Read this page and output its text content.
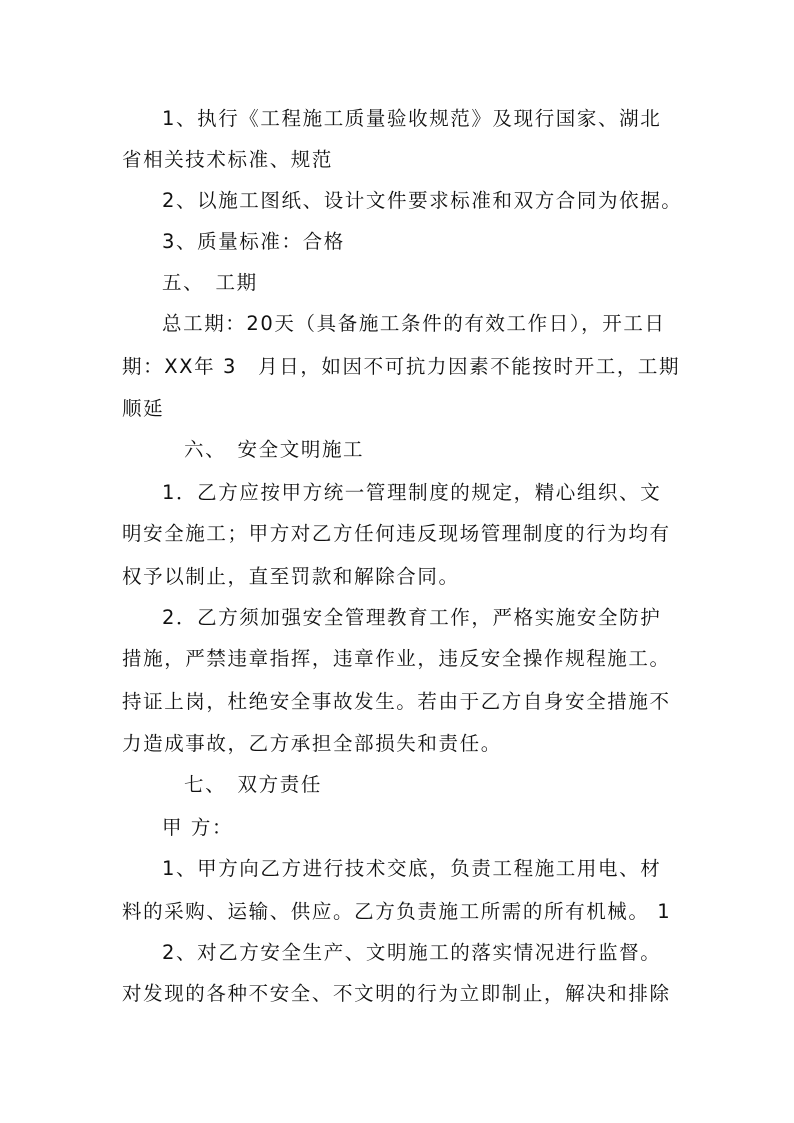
1、执行《工程施工质量验收规范》及现行国家、湖北
省相关技术标准、规范
2、以施工图纸、设计文件要求标准和双方合同为依据。
3、质量标准：合格
五、　工期
总工期：20天（具备施工条件的有效工作日），开工日
期：XX年 3　月日，如因不可抗力因素不能按时开工，工期
顺延
六、　安全文明施工
1．乙方应按甲方统一管理制度的规定，精心组织、文
明安全施工；甲方对乙方任何违反现场管理制度的行为均有
权予以制止，直至罚款和解除合同。
2．乙方须加强安全管理教育工作，严格实施安全防护
措施，严禁违章指挥，违章作业，违反安全操作规程施工。
持证上岗，杜绝安全事故发生。若由于乙方自身安全措施不
力造成事故，乙方承担全部损失和责任。
七、　双方责任
甲 方：
1、甲方向乙方进行技术交底，负责工程施工用电、材
料的采购、运输、供应。乙方负责施工所需的所有机械。 1
2、对乙方安全生产、文明施工的落实情况进行监督。
对发现的各种不安全、不文明的行为立即制止，解决和排除
